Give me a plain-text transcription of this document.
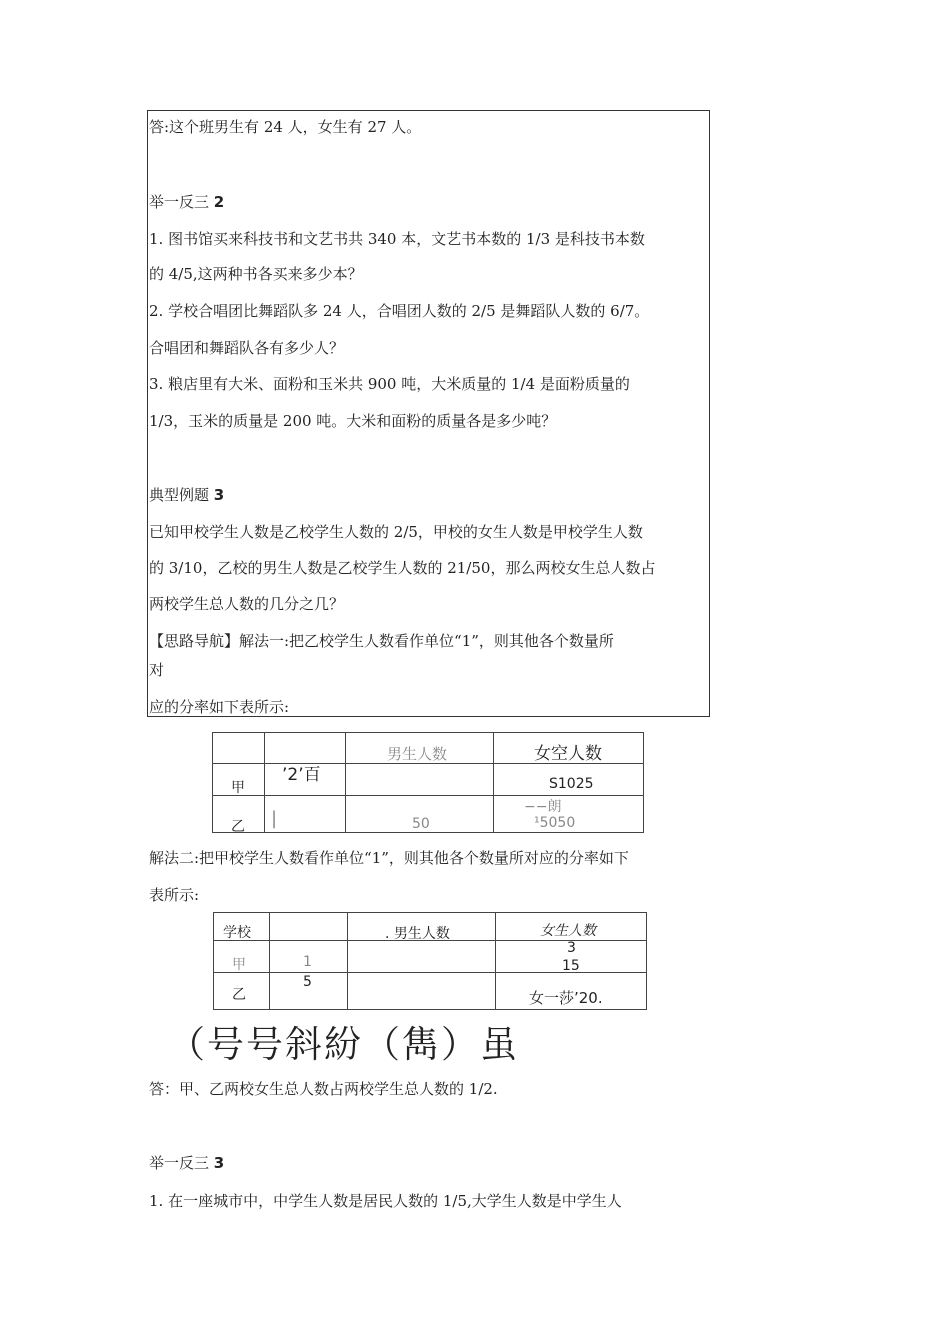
答:这个班男生有 24 人，女生有 27 人。
举一反三 2
1. 图书馆买来科技书和文艺书共 340 本，文艺书本数的 1/3 是科技书本数
的 4/5,这两种书各买来多少本？
2. 学校合唱团比舞蹈队多 24 人，合唱团人数的 2/5 是舞蹈队人数的 6/7。
合唱团和舞蹈队各有多少人？
3. 粮店里有大米、面粉和玉米共 900 吨，大米质量的 1/4 是面粉质量的
1/3，玉米的质量是 200 吨。大米和面粉的质量各是多少吨？
典型例题 3
已知甲校学生人数是乙校学生人数的 2/5，甲校的女生人数是甲校学生人数
的 3/10，乙校的男生人数是乙校学生人数的 21/50，那么两校女生总人数占
两校学生总人数的几分之几？
【思路导航】解法一:把乙校学生人数看作单位“1”，则其他各个数量所
对
应的分率如下表所示:

		男生人数	女空人数

甲	’2’百		S1025

乙	|	50	−−朗
¹5050
解法二:把甲校学生人数看作单位“1”，则其他各个数量所对应的分率如下
表所示:
学校		. 男生人数	女生人数

甲	1		3
15

乙	5		女一莎’20.
（号号斜紛（雋）虽
答：甲、乙两校女生总人数占两校学生总人数的 1/2.
举一反三 3
1. 在一座城市中，中学生人数是居民人数的 1/5,大学生人数是中学生人
